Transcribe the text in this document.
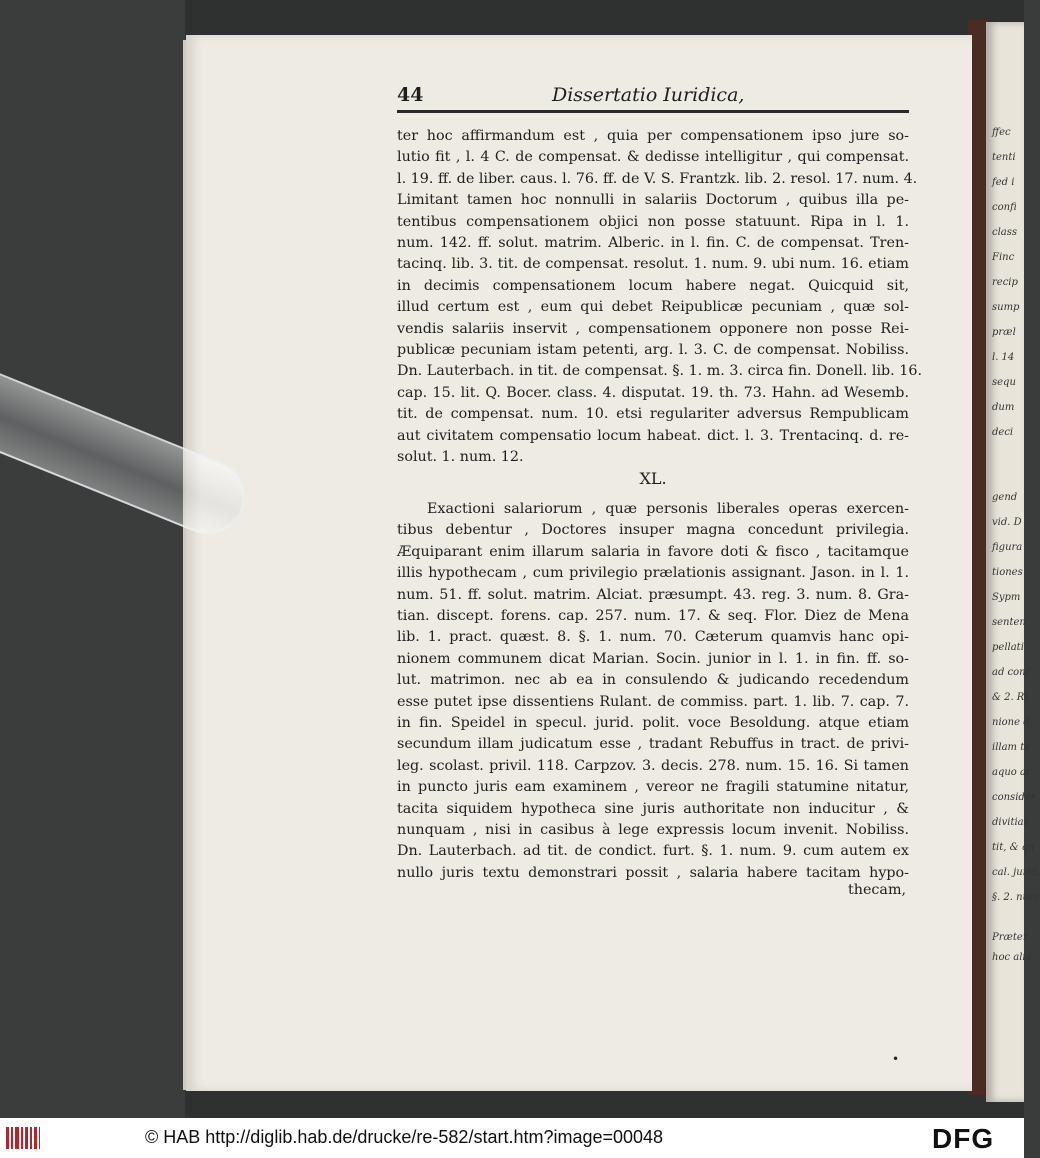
ffec
tenti
fed i
confi
class
Finc
recip
sump
præl
l. 14
sequ
dum
deci
gend
vid. D
figura
tiones
Sypm
senten
pellati
ad conf
& 2. Ri
nione d
illam ta
aquo ar
consider
divitias
tit, & qu
cal. jurid.
§. 2. num
Præter
hoc alia
44	Dissertatio Iuridica,
ter hoc affirmandum est , quia per compensationem ipso jure so-
lutio fit , l. 4 C. de compensat. & dedisse intelligitur , qui compensat.
l. 19. ff. de liber. caus. l. 76. ff. de V. S. Frantzk. lib. 2. resol. 17. num. 4.
Limitant tamen hoc nonnulli in salariis Doctorum , quibus illa pe-
tentibus compensationem objici non posse statuunt. Ripa in l. 1.
num. 142. ff. solut. matrim. Alberic. in l. fin. C. de compensat. Tren-
tacinq. lib. 3. tit. de compensat. resolut. 1. num. 9. ubi num. 16. etiam
in decimis compensationem locum habere negat. Quicquid sit,
illud certum est , eum qui debet Reipublicæ pecuniam , quæ sol-
vendis salariis inservit , compensationem opponere non posse Rei-
publicæ pecuniam istam petenti, arg. l. 3. C. de compensat. Nobiliss.
Dn. Lauterbach. in tit. de compensat. §. 1. m. 3. circa fin. Donell. lib. 16.
cap. 15. lit. Q. Bocer. class. 4. disputat. 19. th. 73. Hahn. ad Wesemb.
tit. de compensat. num. 10. etsi regulariter adversus Rempublicam
aut civitatem compensatio locum habeat. dict. l. 3. Trentacinq. d. re-
solut. 1. num. 12.
XL.
Exactioni salariorum , quæ personis liberales operas exercen-
tibus debentur , Doctores insuper magna concedunt privilegia.
Æquiparant enim illarum salaria in favore doti & fisco , tacitamque
illis hypothecam , cum privilegio prælationis assignant. Jason. in l. 1.
num. 51. ff. solut. matrim. Alciat. præsumpt. 43. reg. 3. num. 8. Gra-
tian. discept. forens. cap. 257. num. 17. & seq. Flor. Diez de Mena
lib. 1. pract. quæst. 8. §. 1. num. 70. Cæterum quamvis hanc opi-
nionem communem dicat Marian. Socin. junior in l. 1. in fin. ff. so-
lut. matrimon. nec ab ea in consulendo & judicando recedendum
esse putet ipse dissentiens Rulant. de commiss. part. 1. lib. 7. cap. 7.
in fin. Speidel in specul. jurid. polit. voce Besoldung. atque etiam
secundum illam judicatum esse , tradant Rebuffus in tract. de privi-
leg. scolast. privil. 118. Carpzov. 3. decis. 278. num. 15. 16. Si tamen
in puncto juris eam examinem , vereor ne fragili statumine nitatur,
tacita siquidem hypotheca sine juris authoritate non inducitur , &
nunquam , nisi in casibus à lege expressis locum invenit. Nobiliss.
Dn. Lauterbach. ad tit. de condict. furt. §. 1. num. 9. cum autem ex
nullo juris textu demonstrari possit , salaria habere tacitam hypo-
thecam,
•
© HAB http://diglib.hab.de/drucke/re-582/start.htm?image=00048	DFG
